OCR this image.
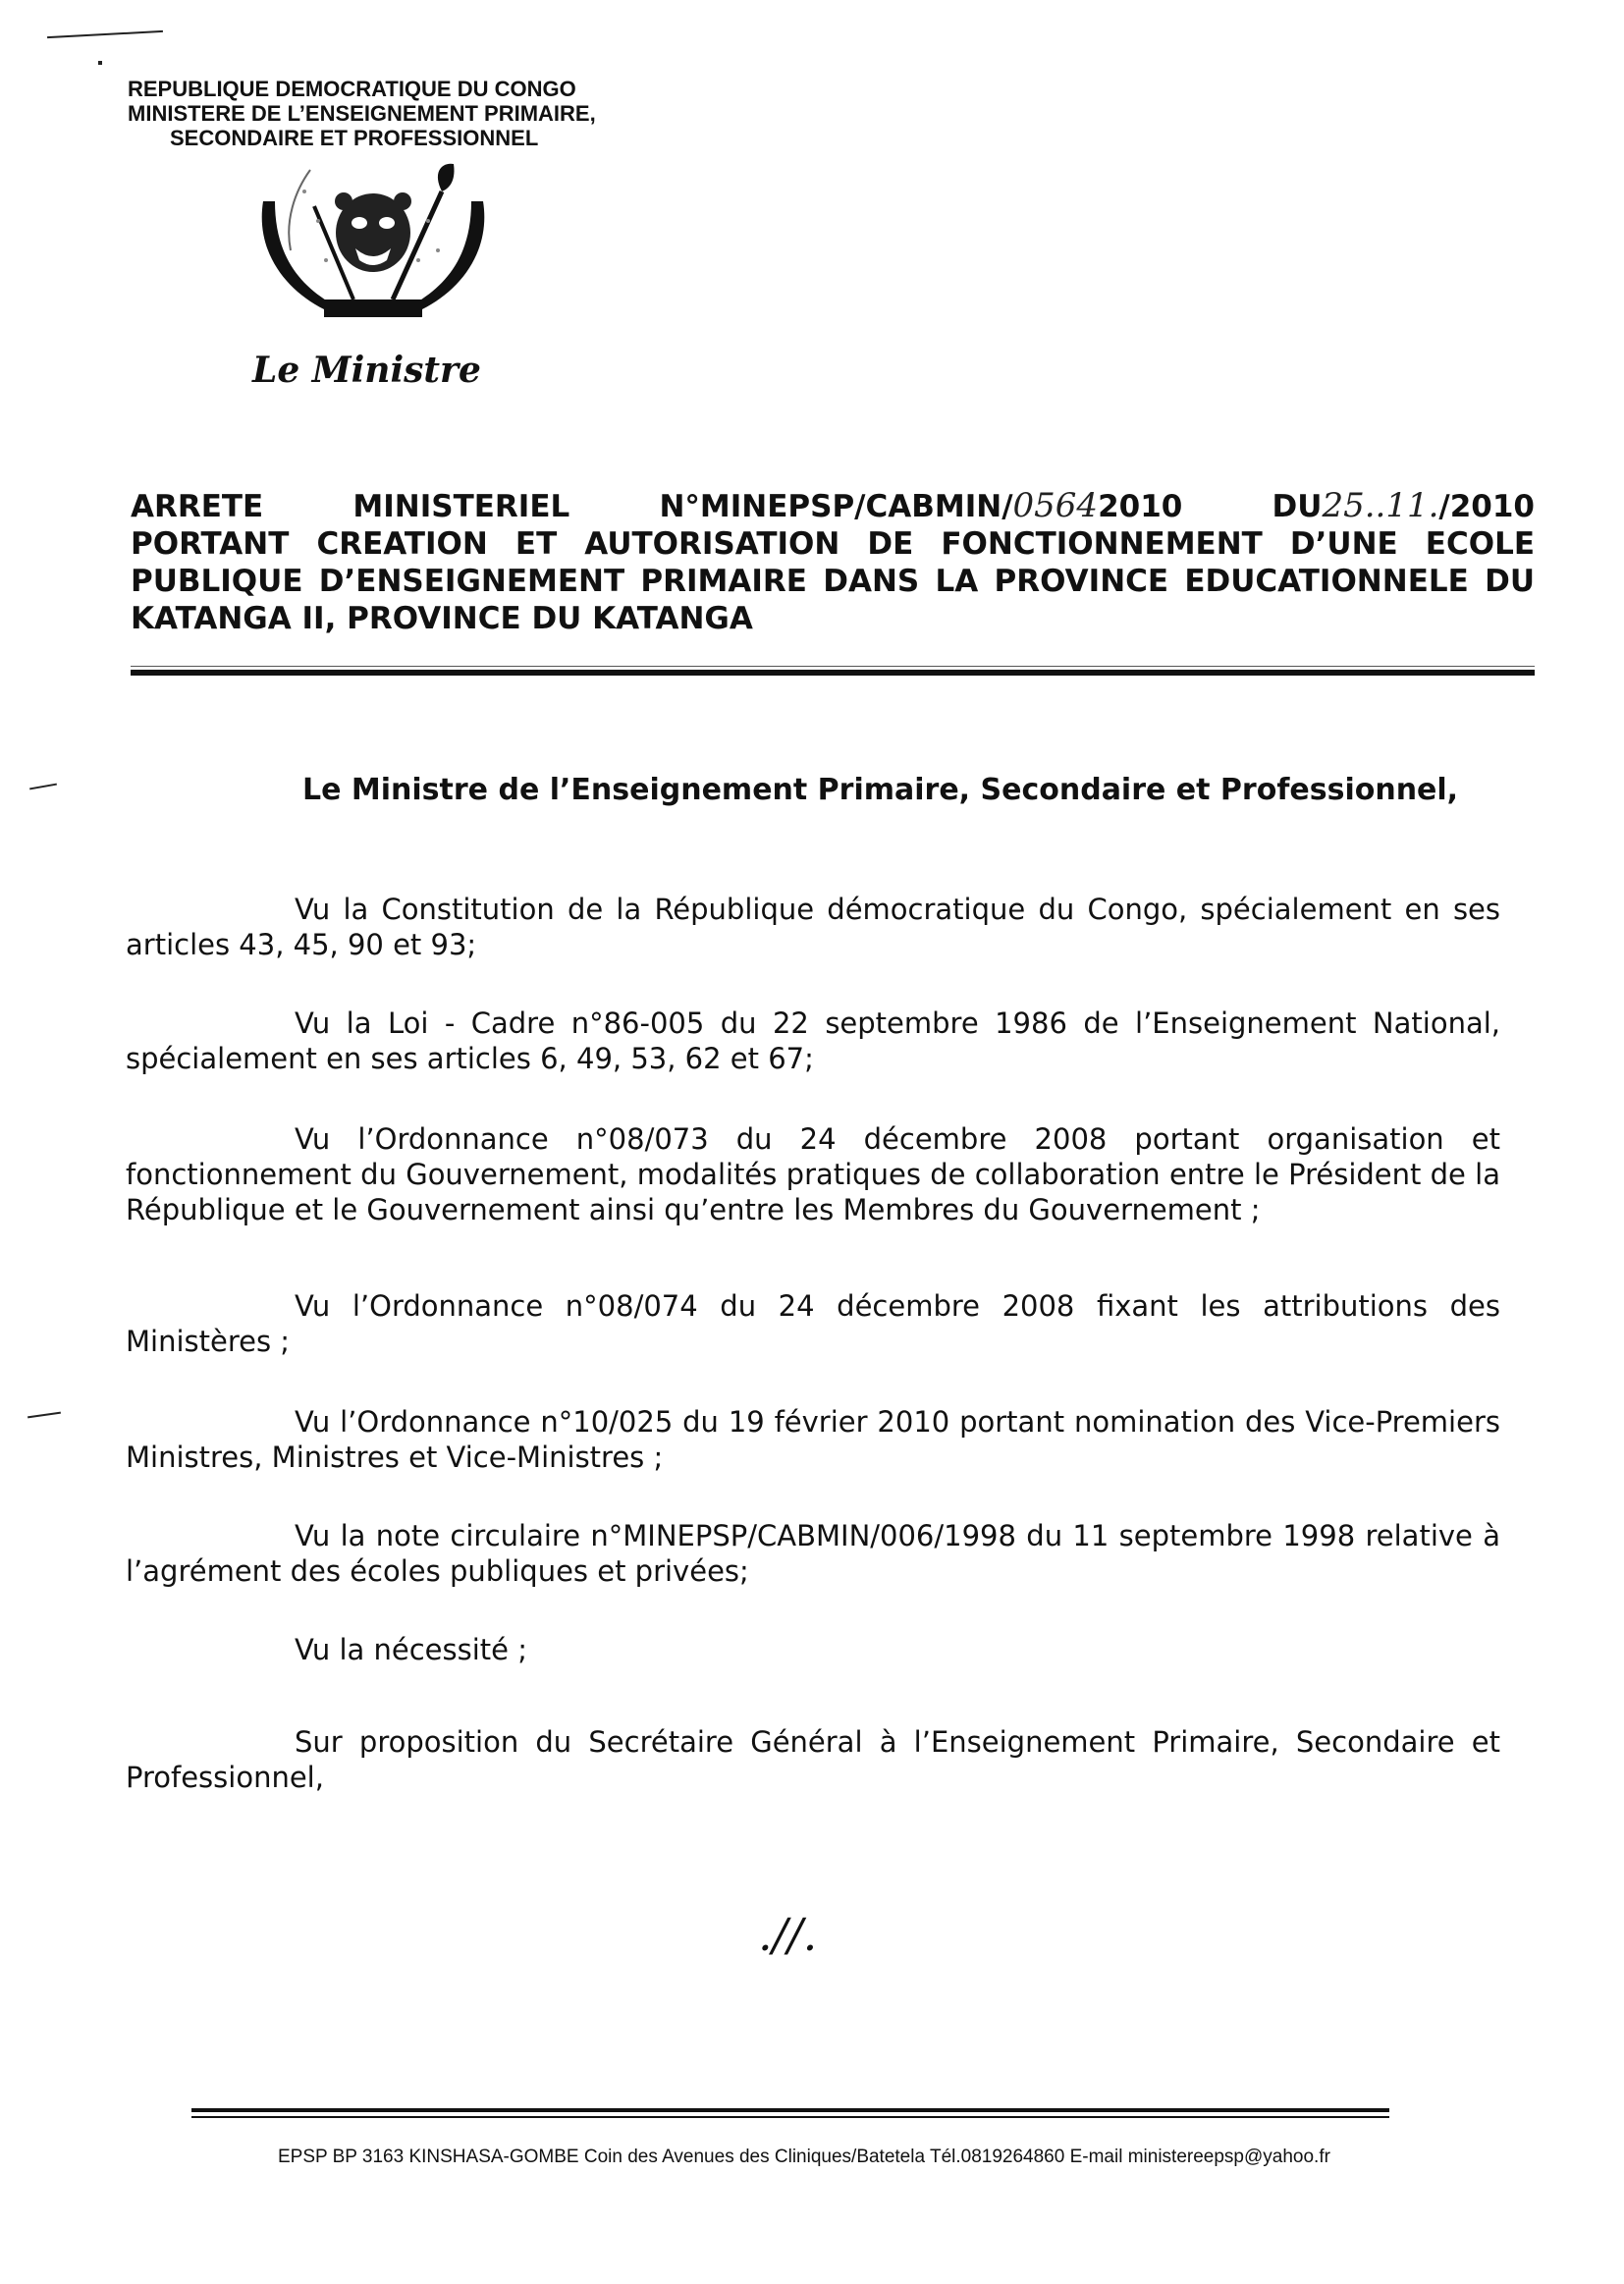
REPUBLIQUE DEMOCRATIQUE DU CONGO
MINISTERE DE L’ENSEIGNEMENT PRIMAIRE,
SECONDAIRE ET PROFESSIONNEL
Le Ministre
ARRETE	MINISTERIEL	N°MINEPSP/CABMIN/05642010	DU25..11./2010
PORTANT CREATION ET AUTORISATION DE FONCTIONNEMENT D’UNE ECOLE
PUBLIQUE D’ENSEIGNEMENT PRIMAIRE DANS LA PROVINCE EDUCATIONNELE DU
KATANGA II, PROVINCE DU KATANGA
Le Ministre de l’Enseignement Primaire, Secondaire et Professionnel,
Vu la Constitution de la République démocratique du Congo, spécialement en ses articles 43, 45, 90 et 93;
Vu la Loi - Cadre n°86-005 du 22 septembre 1986 de l’Enseignement National, spécialement en ses articles 6, 49, 53, 62 et 67;
Vu l’Ordonnance n°08/073 du 24 décembre 2008 portant organisation et fonctionnement du Gouvernement, modalités pratiques de collaboration entre le Président de la République et le Gouvernement ainsi qu’entre les Membres du Gouvernement ;
Vu l’Ordonnance n°08/074 du 24 décembre 2008 fixant les attributions des Ministères ;
Vu l’Ordonnance n°10/025 du 19 février 2010 portant nomination des Vice-Premiers Ministres, Ministres et Vice-Ministres ;
Vu la note circulaire n°MINEPSP/CABMIN/006/1998 du 11 septembre 1998 relative à l’agrément des écoles publiques et privées;
Vu la nécessité ;
Sur proposition du Secrétaire Général à l’Enseignement Primaire, Secondaire et Professionnel,
.//.
EPSP BP 3163 KINSHASA-GOMBE Coin des Avenues des Cliniques/Batetela Tél.0819264860 E-mail ministereepsp@yahoo.fr
